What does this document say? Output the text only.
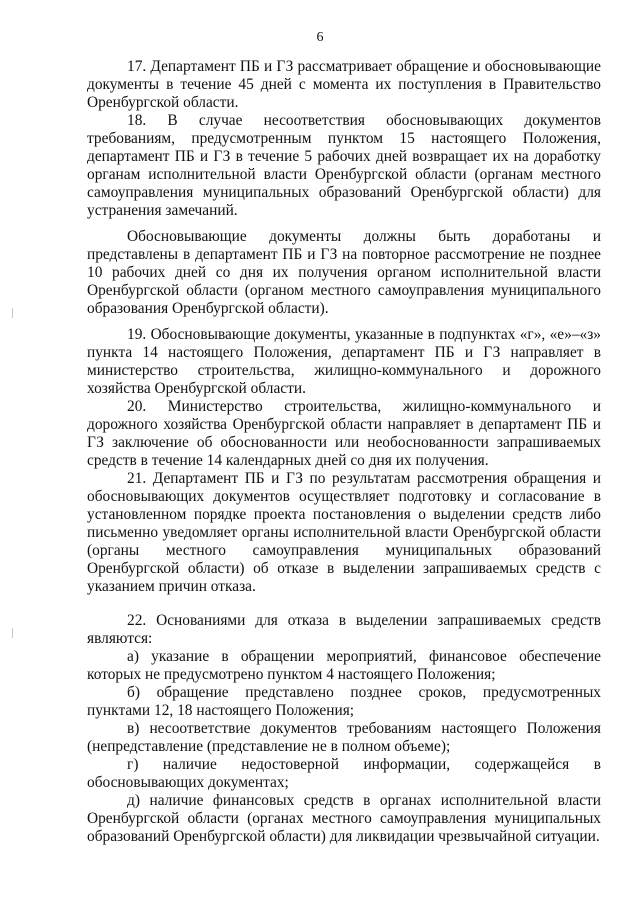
6

17. Департамент ПБ и ГЗ рассматривает обращение и обосновывающие документы в течение 45 дней с момента их поступления в Правительство Оренбургской области.

18. В случае несоответствия обосновывающих документов требованиям, предусмотренным пунктом 15 настоящего Положения, департамент ПБ и ГЗ в течение 5 рабочих дней возвращает их на доработку органам исполнительной власти Оренбургской области (органам местного самоуправления муниципальных образований Оренбургской области) для устранения замечаний.

Обосновывающие документы должны быть доработаны и представлены в департамент ПБ и ГЗ на повторное рассмотрение не позднее 10 рабочих дней со дня их получения органом исполнительной власти Оренбургской области (органом местного самоуправления муниципального образования Оренбургской области).

19. Обосновывающие документы, указанные в подпунктах «г», «е»–«з» пункта 14 настоящего Положения, департамент ПБ и ГЗ направляет в министерство строительства, жилищно-коммунального и дорожного хозяйства Оренбургской области.

20. Министерство строительства, жилищно-коммунального и дорожного хозяйства Оренбургской области направляет в департамент ПБ и ГЗ заключение об обоснованности или необоснованности запрашиваемых средств в течение 14 календарных дней со дня их получения.

21. Департамент ПБ и ГЗ по результатам рассмотрения обращения и обосновывающих документов осуществляет подготовку и согласование в установленном порядке проекта постановления о выделении средств либо письменно уведомляет органы исполнительной власти Оренбургской области (органы местного самоуправления муниципальных образований Оренбургской области) об отказе в выделении запрашиваемых средств с указанием причин отказа.

22. Основаниями для отказа в выделении запрашиваемых средств являются:

а) указание в обращении мероприятий, финансовое обеспечение которых не предусмотрено пунктом 4 настоящего Положения;

б) обращение представлено позднее сроков, предусмотренных пунктами 12, 18 настоящего Положения;

в) несоответствие документов требованиям настоящего Положения (непредставление (представление не в полном объеме);

г) наличие недостоверной информации, содержащейся в обосновывающих документах;

д) наличие финансовых средств в органах исполнительной власти Оренбургской области (органах местного самоуправления муниципальных образований Оренбургской области) для ликвидации чрезвычайной ситуации.
